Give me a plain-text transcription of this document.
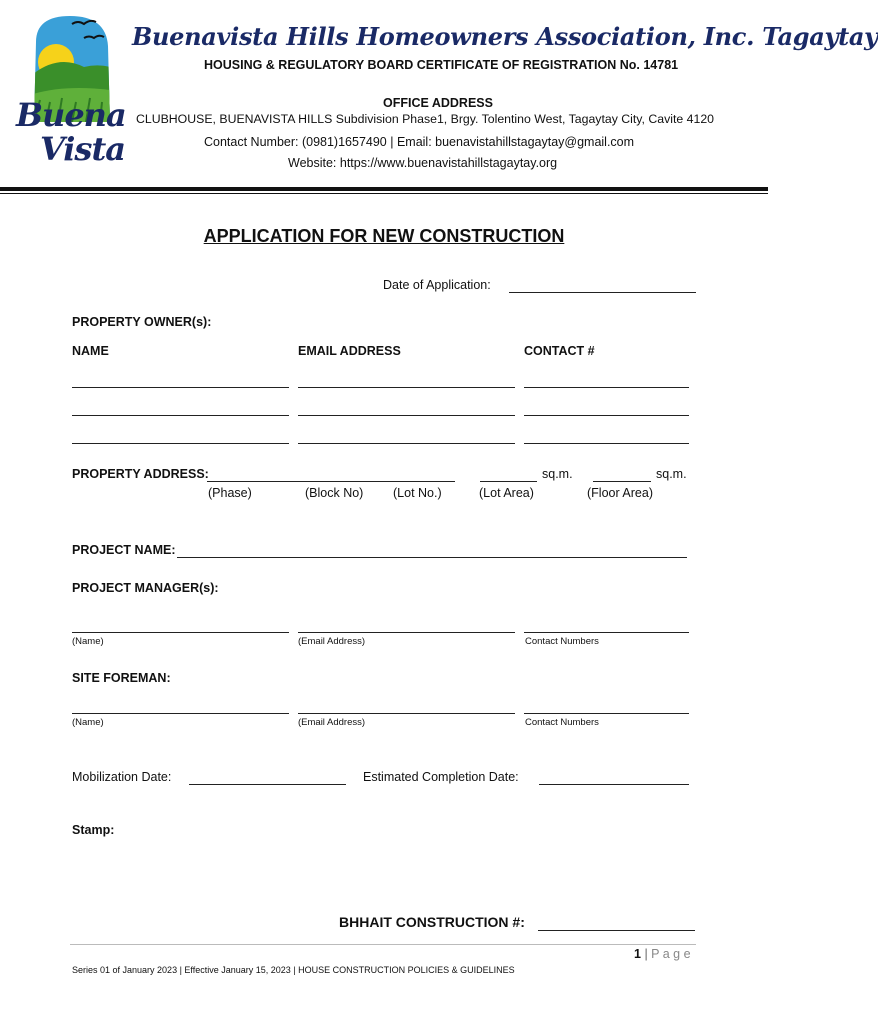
Buena
Vista
Buenavista Hills Homeowners Association, Inc. Tagaytay
HOUSING & REGULATORY BOARD CERTIFICATE OF REGISTRATION No. 14781
OFFICE ADDRESS
CLUBHOUSE, BUENAVISTA HILLS Subdivision Phase1, Brgy. Tolentino West, Tagaytay City, Cavite 4120
Contact Number: (0981)1657490 | Email: buenavistahillstagaytay@gmail.com
Website: https://www.buenavistahillstagaytay.org
APPLICATION FOR NEW CONSTRUCTION
Date of Application:
PROPERTY OWNER(s):
NAME	EMAIL ADDRESS	CONTACT #
PROPERTY ADDRESS:	sq.m.	sq.m.
(Phase)	(Block No) (Lot No.)	(Lot Area)	(Floor Area)
PROJECT NAME:
PROJECT MANAGER(s):
(Name)	(Email Address)	Contact Numbers
SITE FOREMAN:
(Name)	(Email Address)	Contact Numbers
Mobilization Date:	Estimated Completion Date:
Stamp:
BHHAIT CONSTRUCTION #:
1 | P a g e
Series 01 of January 2023 | Effective January 15, 2023 | HOUSE CONSTRUCTION POLICIES & GUIDELINES
